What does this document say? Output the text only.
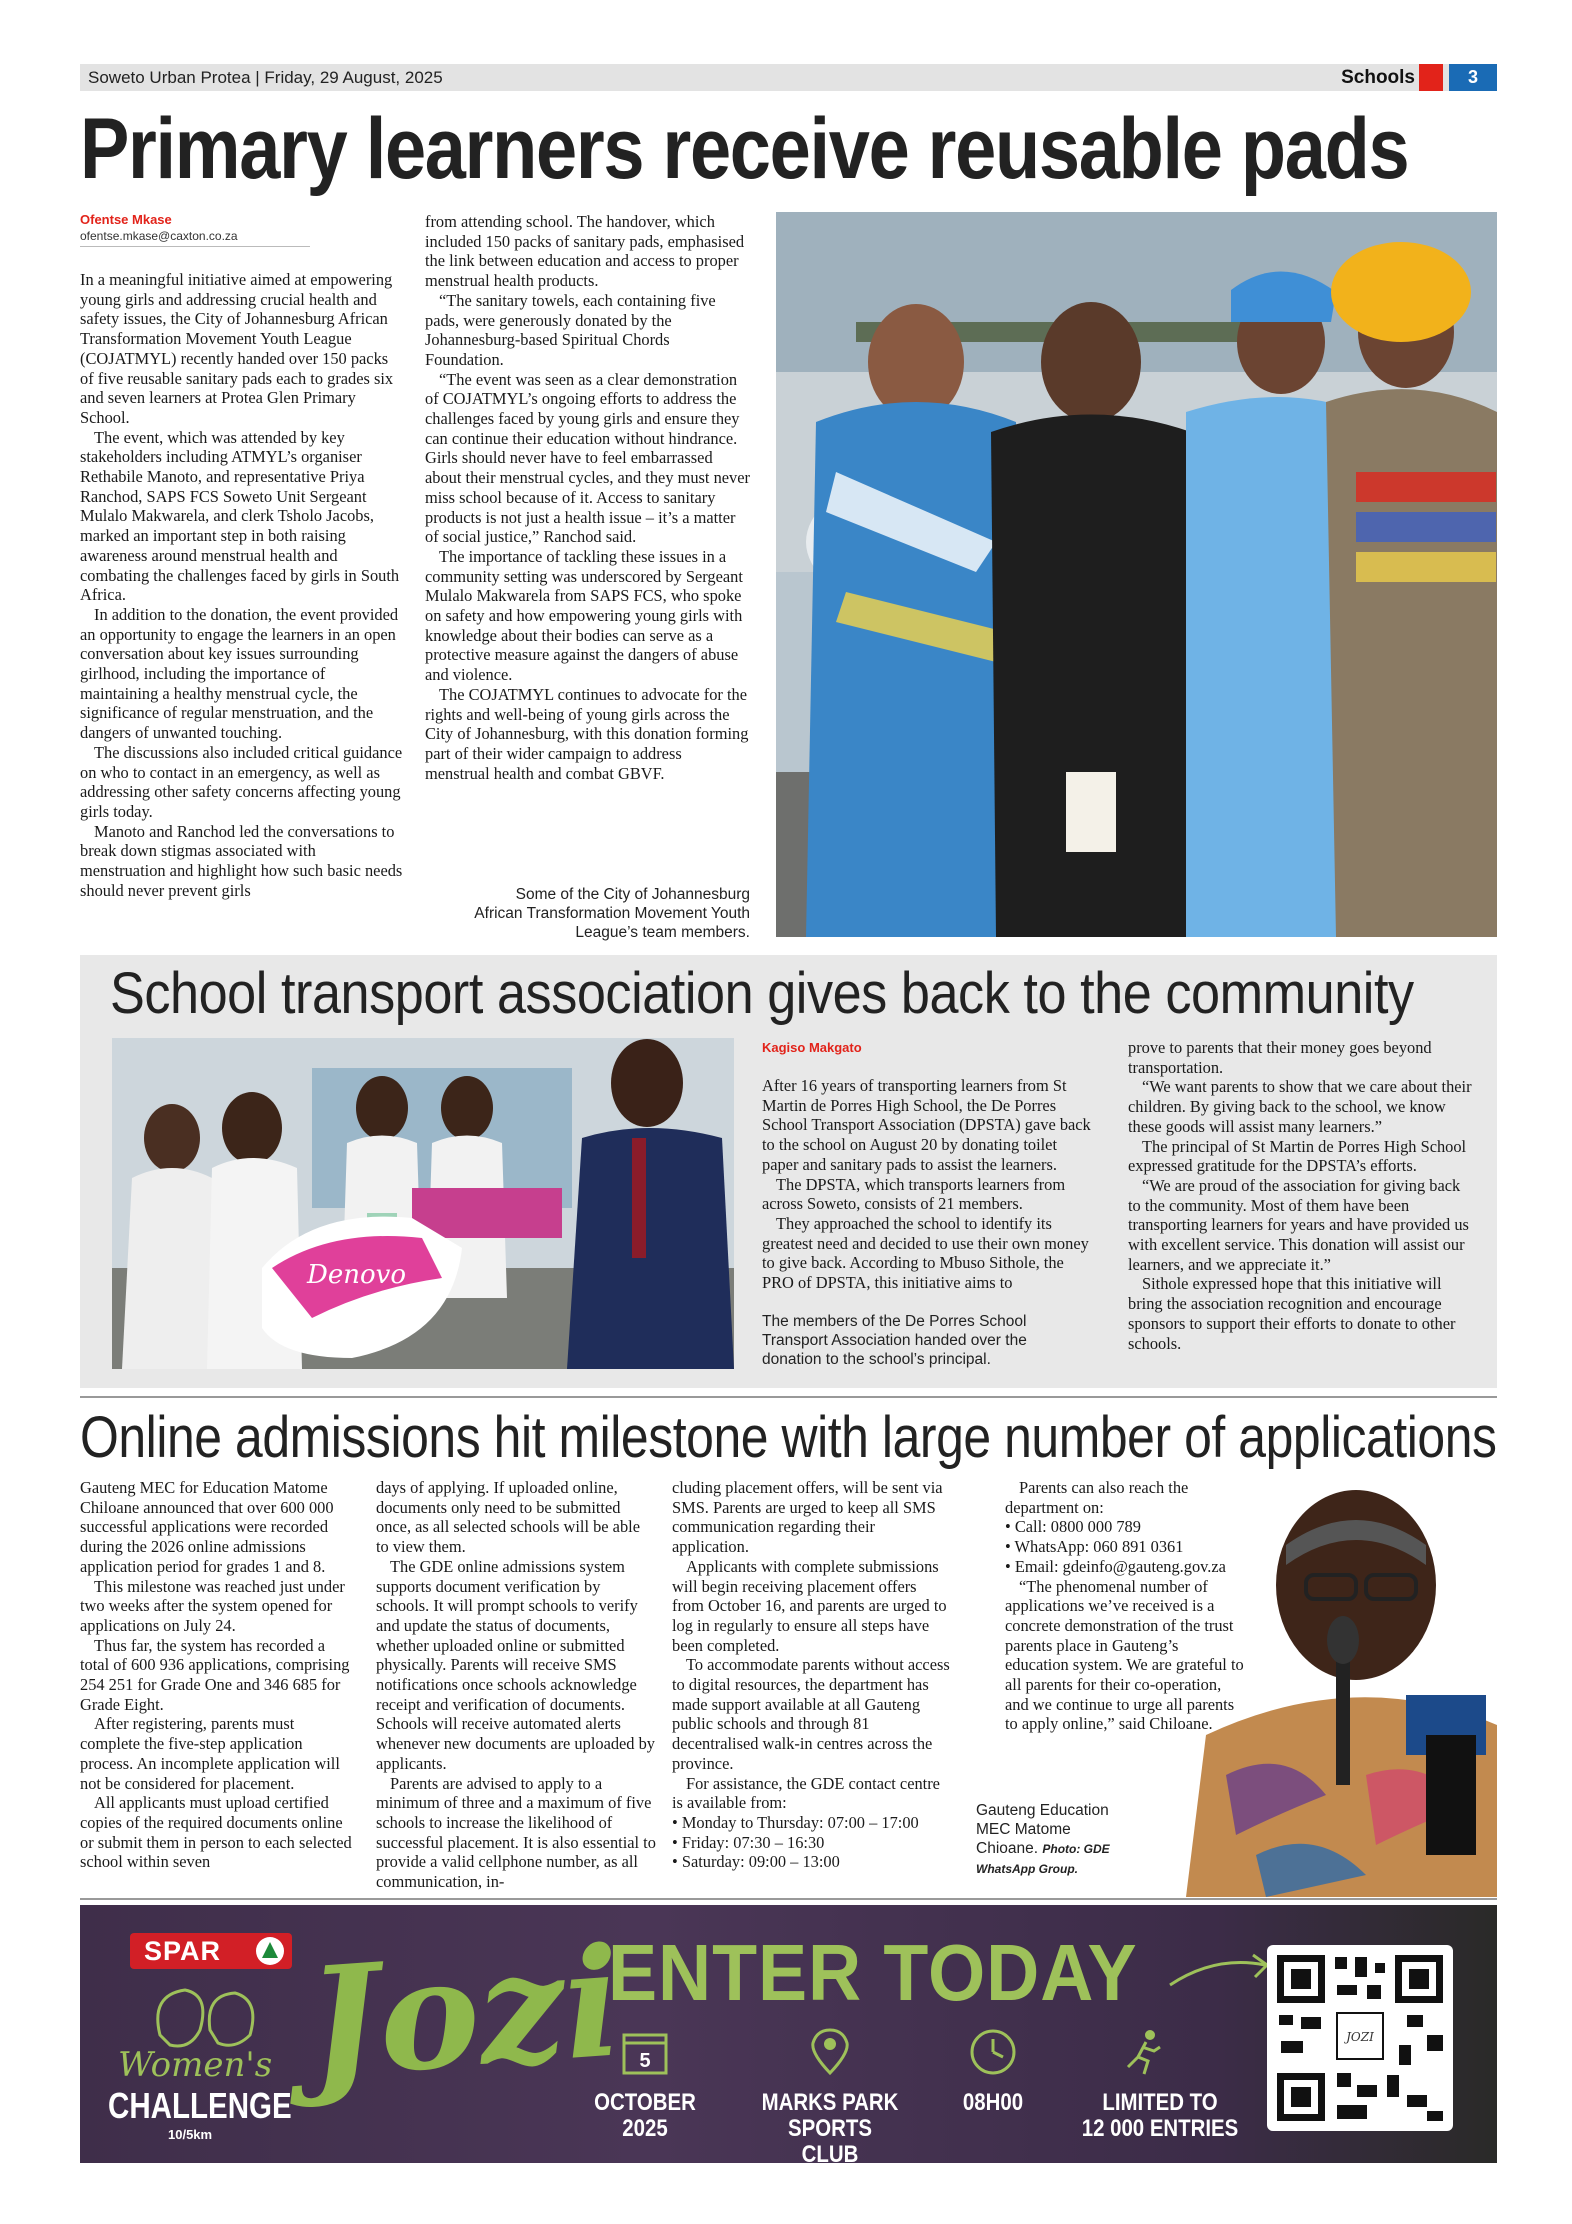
Soweto Urban Protea | Friday, 29 August, 2025	Schools	3
Primary learners receive reusable pads
Ofentse Mkase
ofentse.mkase@caxton.co.za

In a meaningful initiative aimed at empowering young girls and addressing crucial health and safety issues, the City of Johannesburg African Transformation Movement Youth League (COJATMYL) recently handed over 150 packs of five reusable sanitary pads each to grades six and seven learners at Protea Glen Primary School.

The event, which was attended by key stakeholders including ATMYL’s organiser Rethabile Manoto, and representative Priya Ranchod, SAPS FCS Soweto Unit Sergeant Mulalo Makwarela, and clerk Tsholo Jacobs, marked an important step in both raising awareness around menstrual health and combating the challenges faced by girls in South Africa.

In addition to the donation, the event provided an opportunity to engage the learners in an open conversation about key issues surrounding girlhood, including the importance of maintaining a healthy menstrual cycle, the significance of regular menstruation, and the dangers of unwanted touching.

The discussions also included critical guidance on who to contact in an emergency, as well as addressing other safety concerns affecting young girls today.

Manoto and Ranchod led the conversations to break down stigmas associated with menstruation and highlight how such basic needs should never prevent girls

from attending school. The handover, which included 150 packs of sanitary pads, emphasised the link between education and access to proper menstrual health products.

“The sanitary towels, each containing five pads, were generously donated by the Johannesburg-based Spiritual Chords Foundation.

“The event was seen as a clear demonstration of COJATMYL’s ongoing efforts to address the challenges faced by young girls and ensure they can continue their education without hindrance. Girls should never have to feel embarrassed about their menstrual cycles, and they must never miss school because of it. Access to sanitary products is not just a health issue – it’s a matter of social justice,” Ranchod said.

The importance of tackling these issues in a community setting was underscored by Sergeant Mulalo Makwarela from SAPS FCS, who spoke on safety and how empowering young girls with knowledge about their bodies can serve as a protective measure against the dangers of abuse and violence.

The COJATMYL continues to advocate for the rights and well-being of young girls across the City of Johannesburg, with this donation forming part of their wider campaign to address menstrual health and combat GBVF.

Some of the City of Johannesburg African Transformation Movement Youth League’s team members.
School transport association gives back to the community
Denovo
Kagiso Makgato

After 16 years of transporting learners from St Martin de Porres High School, the De Porres School Transport Association (DPSTA) gave back to the school on August 20 by donating toilet paper and sanitary pads to assist the learners.

The DPSTA, which transports learners from across Soweto, consists of 21 members.

They approached the school to identify its greatest need and decided to use their own money to give back. According to Mbuso Sithole, the PRO of DPSTA, this initiative aims to

The members of the De Porres School Transport Association handed over the donation to the school’s principal.

prove to parents that their money goes beyond transportation.

“We want parents to show that we care about their children. By giving back to the school, we know these goods will assist many learners.”

The principal of St Martin de Porres High School expressed gratitude for the DPSTA’s efforts.

“We are proud of the association for giving back to the community. Most of them have been transporting learners for years and have provided us with excellent service. This donation will assist our learners, and we appreciate it.”

Sithole expressed hope that this initiative will bring the association recognition and encourage sponsors to support their efforts to donate to other schools.

Online admissions hit milestone with large number of applications

Gauteng MEC for Education Matome Chiloane announced that over 600 000 successful applications were recorded during the 2026 online admissions application period for grades 1 and 8.

This milestone was reached just under two weeks after the system opened for applications on July 24.

Thus far, the system has recorded a total of 600 936 applications, comprising 254 251 for Grade One and 346 685 for Grade Eight.

After registering, parents must complete the five-step application process. An incomplete application will not be considered for placement.

All applicants must upload certified copies of the required documents online or submit them in person to each selected school within seven

days of applying. If uploaded online, documents only need to be submitted once, as all selected schools will be able to view them.

The GDE online admissions system supports document verification by schools. It will prompt schools to verify and update the status of documents, whether uploaded online or submitted physically. Parents will receive SMS notifications once schools acknowledge receipt and verification of documents. Schools will receive automated alerts whenever new documents are uploaded by applicants.

Parents are advised to apply to a minimum of three and a maximum of five schools to increase the likelihood of successful placement. It is also essential to provide a valid cellphone number, as all communication, in-

cluding placement offers, will be sent via SMS. Parents are urged to keep all SMS communication regarding their application.

Applicants with complete submissions will begin receiving placement offers from October 16, and parents are urged to log in regularly to ensure all steps have been completed.

To accommodate parents without access to digital resources, the department has made support available at all Gauteng public schools and through 81 decentralised walk-in centres across the province.

For assistance, the GDE contact centre is available from:

• Monday to Thursday: 07:00 – 17:00
• Friday: 07:30 – 16:30
• Saturday: 09:00 – 13:00

Parents can also reach the department on:

• Call: 0800 000 789
• WhatsApp: 060 891 0361
• Email: gdeinfo@gauteng.gov.za

“The phenomenal number of applications we’ve received is a concrete demonstration of the trust parents place in Gauteng’s education system. We are grateful to all parents for their co-operation, and we continue to urge all parents to apply online,” said Chiloane.

Gauteng Education MEC Matome Chioane. Photo: GDE WhatsApp Group.
SPAR
Women's
CHALLENGE
10/5km
Jozi
ENTER TODAY
5
OCTOBER
2025
MARKS PARK
SPORTS CLUB
08H00	LIMITED TO
12 000 ENTRIES
JOZI
